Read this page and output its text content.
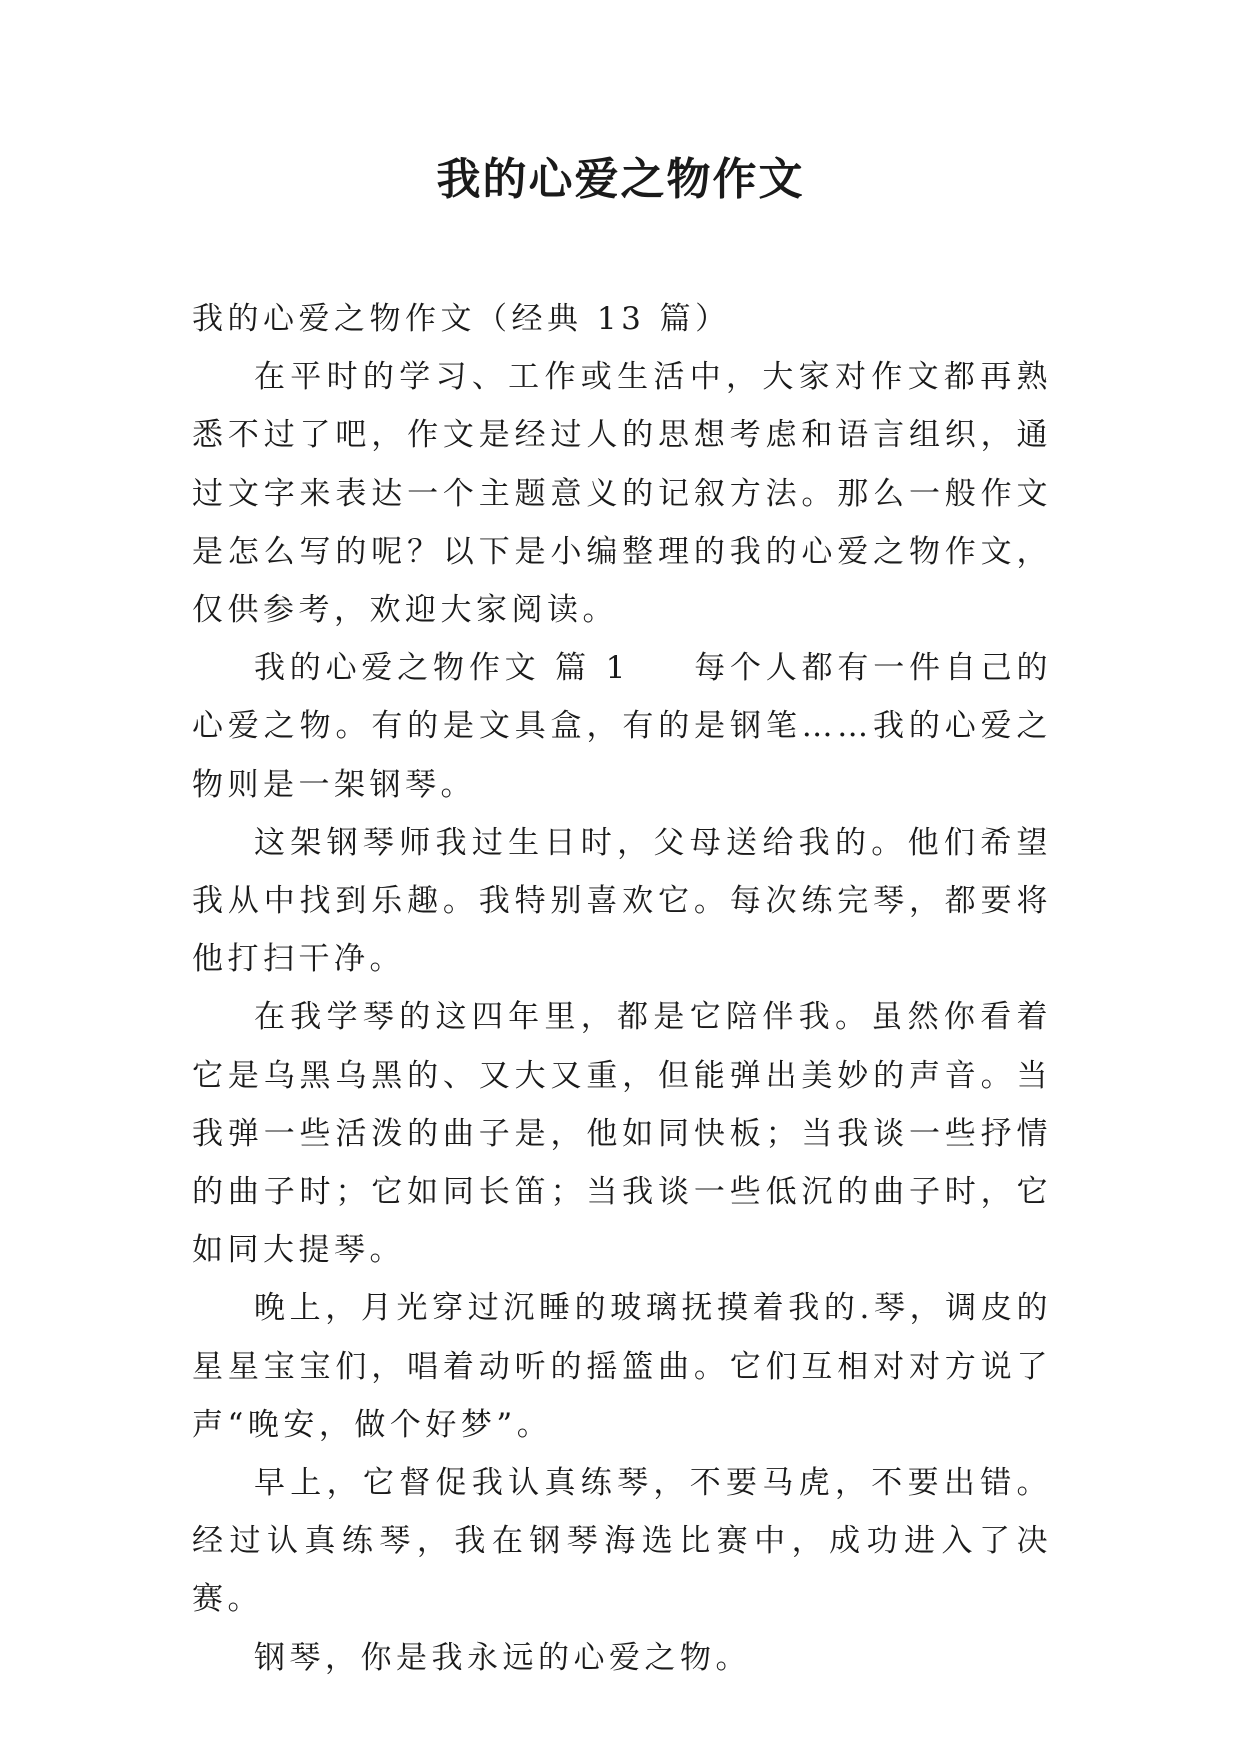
我的心爱之物作文

我的心爱之物作文（经典 13 篇）

在平时的学习、工作或生活中，大家对作文都再熟悉不过了吧，作文是经过人的思想考虑和语言组织，通过文字来表达一个主题意义的记叙方法。那么一般作文是怎么写的呢？以下是小编整理的我的心爱之物作文，仅供参考，欢迎大家阅读。

我的心爱之物作文 篇 1 每个人都有一件自己的心爱之物。有的是文具盒，有的是钢笔……我的心爱之物则是一架钢琴。

这架钢琴师我过生日时，父母送给我的。他们希望我从中找到乐趣。我特别喜欢它。每次练完琴，都要将他打扫干净。

在我学琴的这四年里，都是它陪伴我。虽然你看着它是乌黑乌黑的、又大又重，但能弹出美妙的声音。当我弹一些活泼的曲子是，他如同快板；当我谈一些抒情的曲子时；它如同长笛；当我谈一些低沉的曲子时，它如同大提琴。

晚上，月光穿过沉睡的玻璃抚摸着我的.琴，调皮的星星宝宝们，唱着动听的摇篮曲。它们互相对对方说了声“晚安，做个好梦”。

早上，它督促我认真练琴，不要马虎，不要出错。经过认真练琴，我在钢琴海选比赛中，成功进入了决赛。

钢琴，你是我永远的心爱之物。
